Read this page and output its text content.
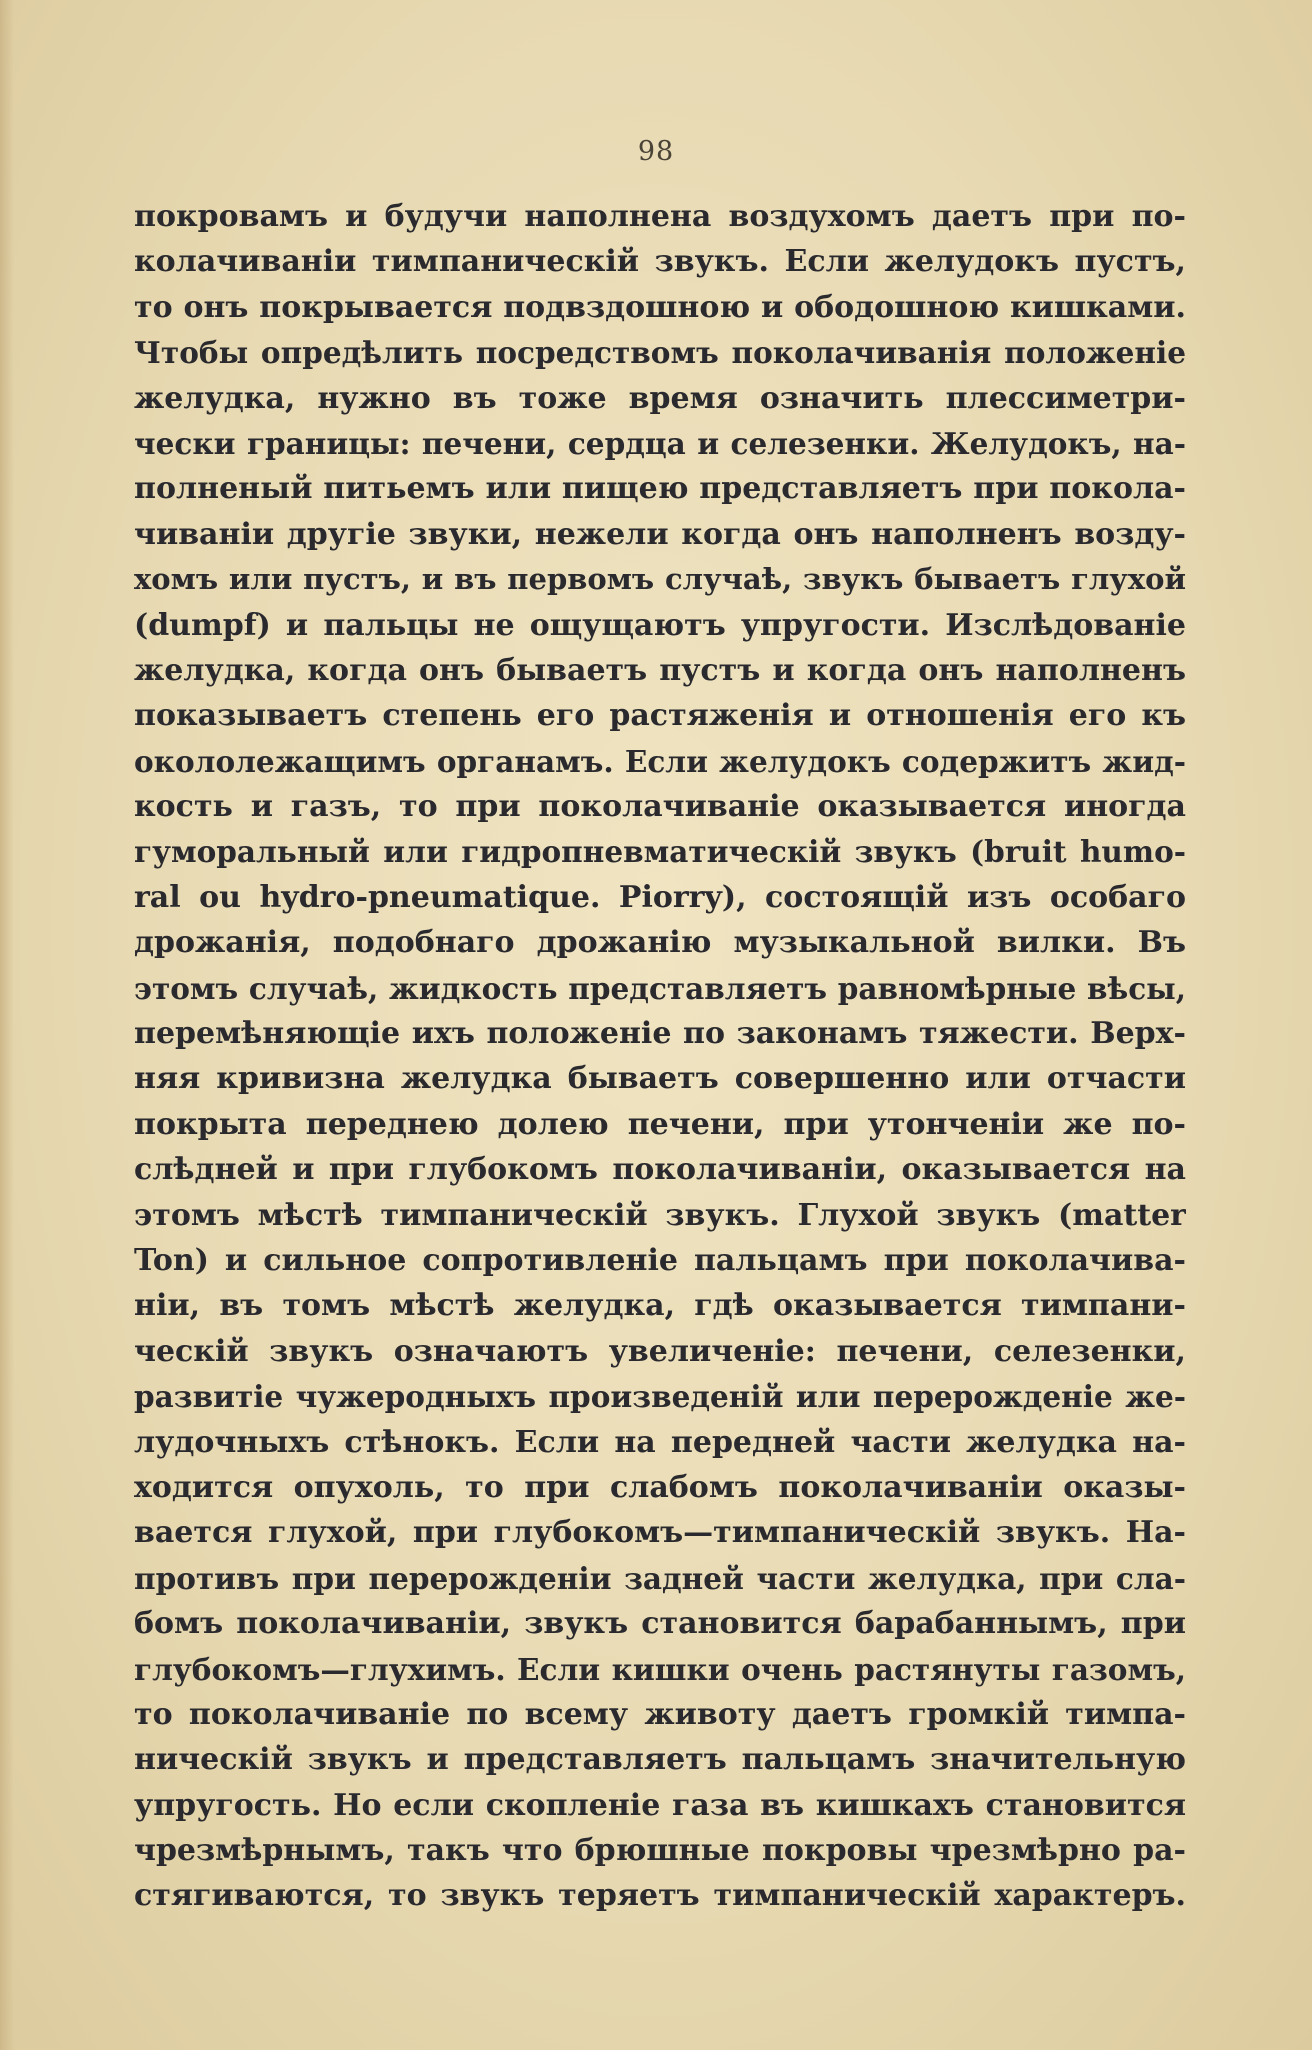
98
покровамъ и будучи наполнена воздухомъ даетъ при по-
колачиваніи тимпаническій звукъ. Если желудокъ пустъ,
то онъ покрывается подвздошною и ободошною кишками.
Чтобы опредѣлить посредствомъ поколачиванія положеніе
желудка, нужно въ тоже время означить плессиметри-
чески границы: печени, сердца и селезенки. Желудокъ, на-
полненый питьемъ или пищею представляетъ при покола-
чиваніи другіе звуки, нежели когда онъ наполненъ возду-
хомъ или пустъ, и въ первомъ случаѣ, звукъ бываетъ глухой
(dumpf) и пальцы не ощущаютъ упругости. Изслѣдованіе
желудка, когда онъ бываетъ пустъ и когда онъ наполненъ
показываетъ степень его растяженія и отношенія его къ
окололежащимъ органамъ. Если желудокъ содержитъ жид-
кость и газъ, то при поколачиваніе оказывается иногда
гуморальный или гидропневматическій звукъ (bruit humo-
ral ou hydro-pneumatique. Piorry), состоящій изъ особаго
дрожанія, подобнаго дрожанію музыкальной вилки. Въ
этомъ случаѣ, жидкость представляетъ равномѣрные вѣсы,
перемѣняющіе ихъ положеніе по законамъ тяжести. Верх-
няя кривизна желудка бываетъ совершенно или отчасти
покрыта переднею долею печени, при утонченіи же по-
слѣдней и при глубокомъ поколачиваніи, оказывается на
этомъ мѣстѣ тимпаническій звукъ. Глухой звукъ (matter
Ton) и сильное сопротивленіе пальцамъ при поколачива-
ніи, въ томъ мѣстѣ желудка, гдѣ оказывается тимпани-
ческій звукъ означаютъ увеличеніе: печени, селезенки,
развитіе чужеродныхъ произведеній или перерожденіе же-
лудочныхъ стѣнокъ. Если на передней части желудка на-
ходится опухоль, то при слабомъ поколачиваніи оказы-
вается глухой, при глубокомъ—тимпаническій звукъ. На-
противъ при перерожденіи задней части желудка, при сла-
бомъ поколачиваніи, звукъ становится барабаннымъ, при
глубокомъ—глухимъ. Если кишки очень растянуты газомъ,
то поколачиваніе по всему животу даетъ громкій тимпа-
ническій звукъ и представляетъ пальцамъ значительную
упругость. Но если скопленіе газа въ кишкахъ становится
чрезмѣрнымъ, такъ что брюшные покровы чрезмѣрно ра-
стягиваются, то звукъ теряетъ тимпаническій характеръ.
